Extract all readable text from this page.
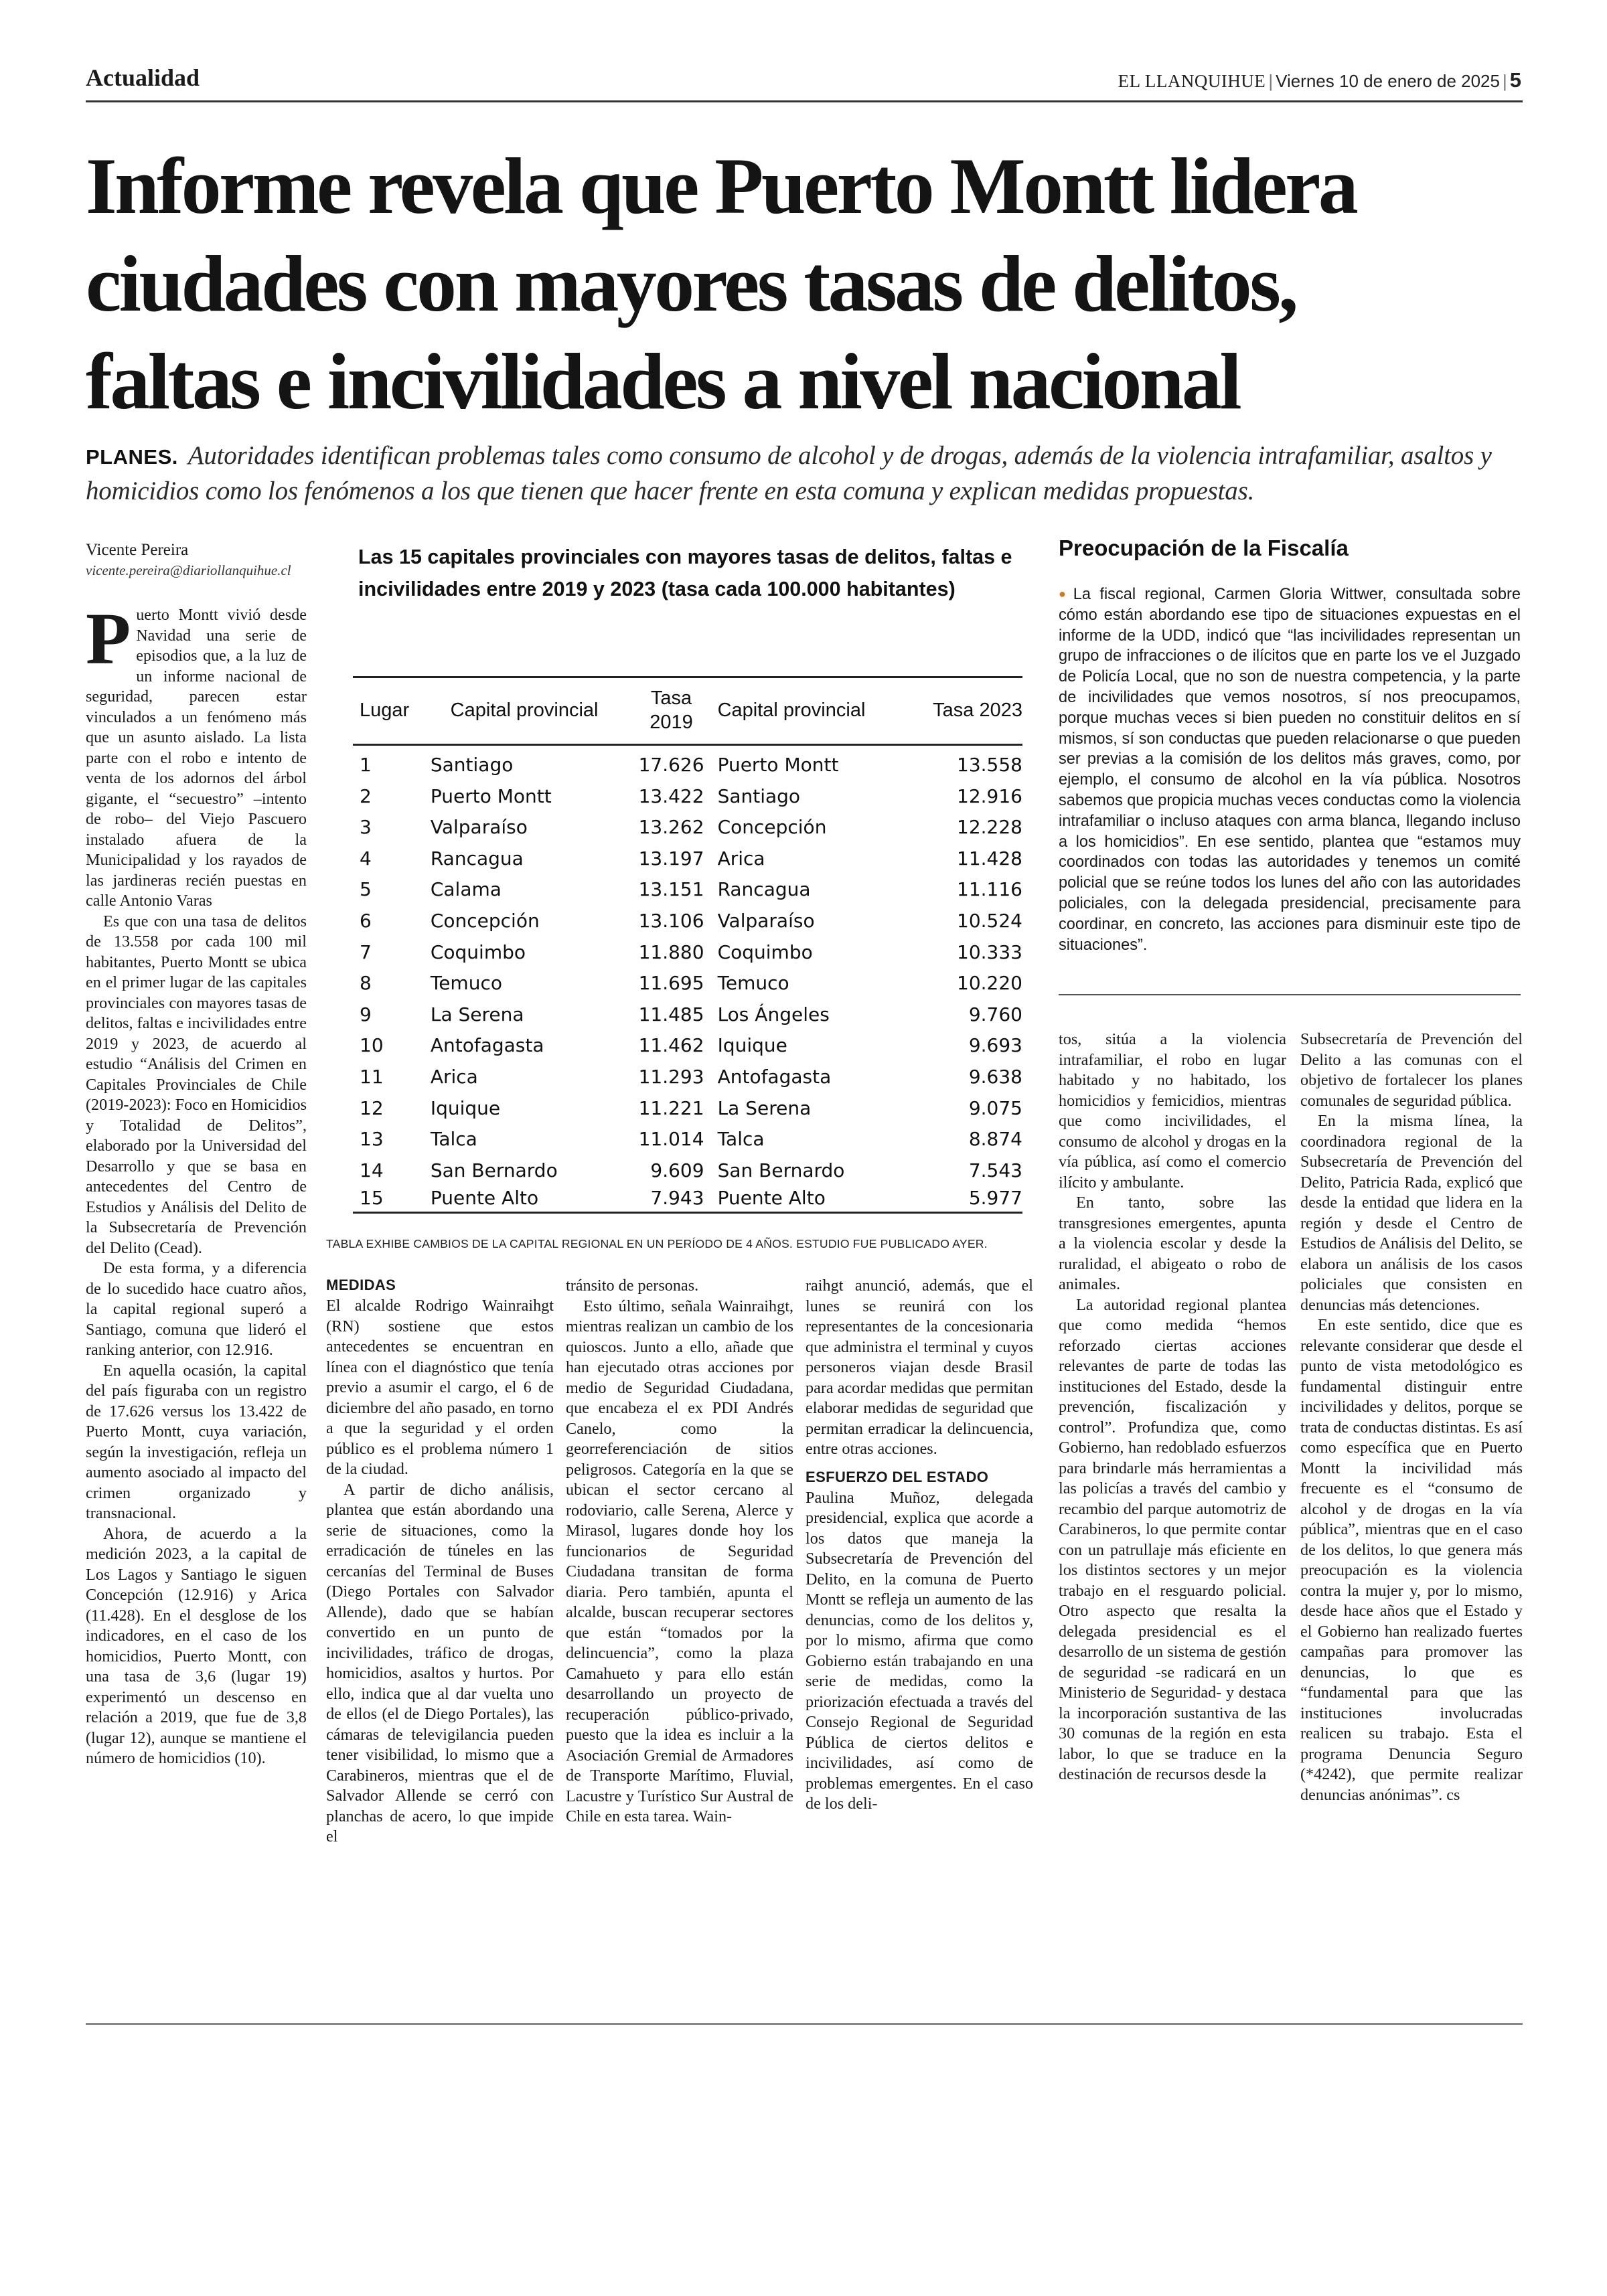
Actualidad	EL LLANQUIHUE | Viernes 10 de enero de 2025 | 5
Informe revela que Puerto Montt lidera
ciudades con mayores tasas de delitos,
faltas e incivilidades a nivel nacional
PLANES. Autoridades identifican problemas tales como consumo de alcohol y de drogas, además de la violencia intrafamiliar, asaltos y homicidios como los fenómenos a los que tienen que hacer frente en esta comuna y explican medidas propuestas.
Vicente Pereira
vicente.pereira@diariollanquihue.cl

Puerto Montt vivió desde Navidad una serie de episodios que, a la luz de un informe nacional de seguridad, parecen estar vinculados a un fenómeno más que un asunto aislado. La lista parte con el robo e intento de venta de los adornos del árbol gigante, el “secuestro” –intento de robo– del Viejo Pascuero instalado afuera de la Municipalidad y los rayados de las jardineras recién puestas en calle Antonio Varas

Es que con una tasa de delitos de 13.558 por cada 100 mil habitantes, Puerto Montt se ubica en el primer lugar de las capitales provinciales con mayores tasas de delitos, faltas e incivilidades entre 2019 y 2023, de acuerdo al estudio “Análisis del Crimen en Capitales Provinciales de Chile (2019-2023): Foco en Homicidios y Totalidad de Delitos”, elaborado por la Universidad del Desarrollo y que se basa en antecedentes del Centro de Estudios y Análisis del Delito de la Subsecretaría de Prevención del Delito (Cead).

De esta forma, y a diferencia de lo sucedido hace cuatro años, la capital regional superó a Santiago, comuna que lideró el ranking anterior, con 12.916.

En aquella ocasión, la capital del país figuraba con un registro de 17.626 versus los 13.422 de Puerto Montt, cuya variación, según la investigación, refleja un aumento asociado al impacto del crimen organizado y transnacional.

Ahora, de acuerdo a la medición 2023, a la capital de Los Lagos y Santiago le siguen Concepción (12.916) y Arica (11.428). En el desglose de los indicadores, en el caso de los homicidios, Puerto Montt, con una tasa de 3,6 (lugar 19) experimentó un descenso en relación a 2019, que fue de 3,8 (lugar 12), aunque se mantiene el número de homicidios (10).

Las 15 capitales provinciales con mayores tasas de delitos, faltas e incivilidades entre 2019 y 2023 (tasa cada 100.000 habitantes)
Lugar	Capital provincial	Tasa 2019	Capital provincial	Tasa 2023
1	Santiago	17.626	Puerto Montt	13.558
2	Puerto Montt	13.422	Santiago	12.916
3	Valparaíso	13.262	Concepción	12.228
4	Rancagua	13.197	Arica	11.428
5	Calama	13.151	Rancagua	11.116
6	Concepción	13.106	Valparaíso	10.524
7	Coquimbo	11.880	Coquimbo	10.333
8	Temuco	11.695	Temuco	10.220
9	La Serena	11.485	Los Ángeles	9.760
10	Antofagasta	11.462	Iquique	9.693
11	Arica	11.293	Antofagasta	9.638
12	Iquique	11.221	La Serena	9.075
13	Talca	11.014	Talca	8.874
14	San Bernardo	9.609	San Bernardo	7.543
15	Puente Alto	7.943	Puente Alto	5.977
TABLA EXHIBE CAMBIOS DE LA CAPITAL REGIONAL EN UN PERÍODO DE 4 AÑOS. ESTUDIO FUE PUBLICADO AYER.
Preocupación de la Fiscalía
● La fiscal regional, Carmen Gloria Wittwer, consultada sobre cómo están abordando ese tipo de situaciones expuestas en el informe de la UDD, indicó que “las incivilidades representan un grupo de infracciones o de ilícitos que en parte los ve el Juzgado de Policía Local, que no son de nuestra competencia, y la parte de incivilidades que vemos nosotros, sí nos preocupamos, porque muchas veces si bien pueden no constituir delitos en sí mismos, sí son conductas que pueden relacionarse o que pueden ser previas a la comisión de los delitos más graves, como, por ejemplo, el consumo de alcohol en la vía pública. Nosotros sabemos que propicia muchas veces conductas como la violencia intrafamiliar o incluso ataques con arma blanca, llegando incluso a los homicidios”. En ese sentido, plantea que “estamos muy coordinados con todas las autoridades y tenemos un comité policial que se reúne todos los lunes del año con las autoridades policiales, con la delegada presidencial, precisamente para coordinar, en concreto, las acciones para disminuir este tipo de situaciones”.
MEDIDAS

El alcalde Rodrigo Wainraihgt (RN) sostiene que estos antecedentes se encuentran en línea con el diagnóstico que tenía previo a asumir el cargo, el 6 de diciembre del año pasado, en torno a que la seguridad y el orden público es el problema número 1 de la ciudad.

A partir de dicho análisis, plantea que están abordando una serie de situaciones, como la erradicación de túneles en las cercanías del Terminal de Buses (Diego Portales con Salvador Allende), dado que se habían convertido en un punto de incivilidades, tráfico de drogas, homicidios, asaltos y hurtos. Por ello, indica que al dar vuelta uno de ellos (el de Diego Portales), las cámaras de televigilancia pueden tener visibilidad, lo mismo que a Carabineros, mientras que el de Salvador Allende se cerró con planchas de acero, lo que impide el

tránsito de personas.

Esto último, señala Wainraihgt, mientras realizan un cambio de los quioscos. Junto a ello, añade que han ejecutado otras acciones por medio de Seguridad Ciudadana, que encabeza el ex PDI Andrés Canelo, como la georreferenciación de sitios peligrosos. Categoría en la que se ubican el sector cercano al rodoviario, calle Serena, Alerce y Mirasol, lugares donde hoy los funcionarios de Seguridad Ciudadana transitan de forma diaria. Pero también, apunta el alcalde, buscan recuperar sectores que están “tomados por la delincuencia”, como la plaza Camahueto y para ello están desarrollando un proyecto de recuperación público-privado, puesto que la idea es incluir a la Asociación Gremial de Armadores de Transporte Marítimo, Fluvial, Lacustre y Turístico Sur Austral de Chile en esta tarea. Wain-

raihgt anunció, además, que el lunes se reunirá con los representantes de la concesionaria que administra el terminal y cuyos personeros viajan desde Brasil para acordar medidas que permitan elaborar medidas de seguridad que permitan erradicar la delincuencia, entre otras acciones.

ESFUERZO DEL ESTADO

Paulina Muñoz, delegada presidencial, explica que acorde a los datos que maneja la Subsecretaría de Prevención del Delito, en la comuna de Puerto Montt se refleja un aumento de las denuncias, como de los delitos y, por lo mismo, afirma que como Gobierno están trabajando en una serie de medidas, como la priorización efectuada a través del Consejo Regional de Seguridad Pública de ciertos delitos e incivilidades, así como de problemas emergentes. En el caso de los deli-

tos, sitúa a la violencia intrafamiliar, el robo en lugar habitado y no habitado, los homicidios y femicidios, mientras que como incivilidades, el consumo de alcohol y drogas en la vía pública, así como el comercio ilícito y ambulante.

En tanto, sobre las transgresiones emergentes, apunta a la violencia escolar y desde la ruralidad, el abigeato o robo de animales.

La autoridad regional plantea que como medida “hemos reforzado ciertas acciones relevantes de parte de todas las instituciones del Estado, desde la prevención, fiscalización y control”. Profundiza que, como Gobierno, han redoblado esfuerzos para brindarle más herramientas a las policías a través del cambio y recambio del parque automotriz de Carabineros, lo que permite contar con un patrullaje más eficiente en los distintos sectores y un mejor trabajo en el resguardo policial. Otro aspecto que resalta la delegada presidencial es el desarrollo de un sistema de gestión de seguridad -se radicará en un Ministerio de Seguridad- y destaca la incorporación sustantiva de las 30 comunas de la región en esta labor, lo que se traduce en la destinación de recursos desde la

Subsecretaría de Prevención del Delito a las comunas con el objetivo de fortalecer los planes comunales de seguridad pública.

En la misma línea, la coordinadora regional de la Subsecretaría de Prevención del Delito, Patricia Rada, explicó que desde la entidad que lidera en la región y desde el Centro de Estudios de Análisis del Delito, se elabora un análisis de los casos policiales que consisten en denuncias más detenciones.

En este sentido, dice que es relevante considerar que desde el punto de vista metodológico es fundamental distinguir entre incivilidades y delitos, porque se trata de conductas distintas. Es así como específica que en Puerto Montt la incivilidad más frecuente es el “consumo de alcohol y de drogas en la vía pública”, mientras que en el caso de los delitos, lo que genera más preocupación es la violencia contra la mujer y, por lo mismo, desde hace años que el Estado y el Gobierno han realizado fuertes campañas para promover las denuncias, lo que es “fundamental para que las instituciones involucradas realicen su trabajo. Esta el programa Denuncia Seguro (*4242), que permite realizar denuncias anónimas”. cs
